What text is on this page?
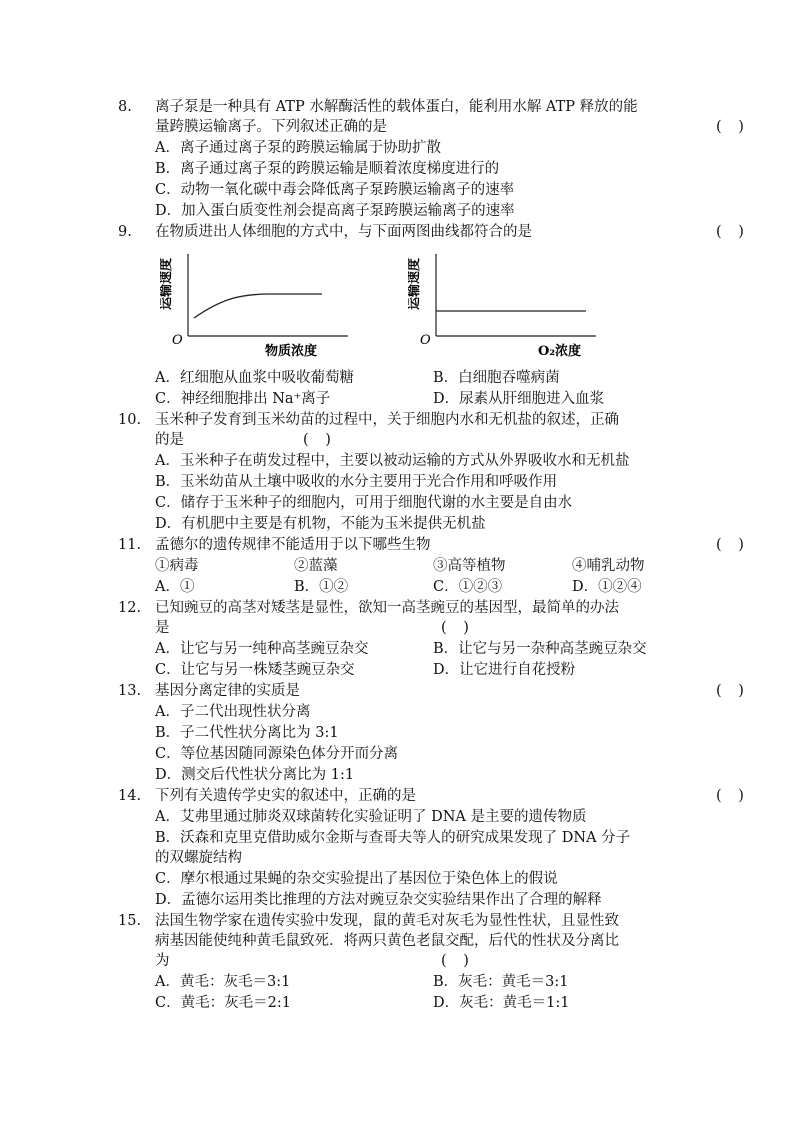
8.	离子泵是一种具有 ATP 水解酶活性的载体蛋白，能利用水解 ATP 释放的能
量跨膜运输离子。下列叙述正确的是	( )
A．离子通过离子泵的跨膜运输属于协助扩散
B．离子通过离子泵的跨膜运输是顺着浓度梯度进行的
C．动物一氧化碳中毒会降低离子泵跨膜运输离子的速率
D．加入蛋白质变性剂会提高离子泵跨膜运输离子的速率
9.	在物质进出人体细胞的方式中，与下面两图曲线都符合的是	( )
O
运输速度
物质浓度
O
运输速度
O₂浓度
A．红细胞从血浆中吸收葡萄糖	B．白细胞吞噬病菌
C．神经细胞排出 Na⁺离子	D．尿素从肝细胞进入血浆
10. 玉米种子发育到玉米幼苗的过程中，关于细胞内水和无机盐的叙述，正确
的是	( )
A．玉米种子在萌发过程中，主要以被动运输的方式从外界吸收水和无机盐
B．玉米幼苗从土壤中吸收的水分主要用于光合作用和呼吸作用
C．储存于玉米种子的细胞内，可用于细胞代谢的水主要是自由水
D．有机肥中主要是有机物，不能为玉米提供无机盐
11. 孟德尔的遗传规律不能适用于以下哪些生物	( )
①病毒	②蓝藻	③高等植物	④哺乳动物
A．①	B．①②	C．①②③	D．①②④
12. 已知豌豆的高茎对矮茎是显性，欲知一高茎豌豆的基因型，最简单的办法
是	( )
A．让它与另一纯种高茎豌豆杂交	B．让它与另一杂种高茎豌豆杂交
C．让它与另一株矮茎豌豆杂交	D．让它进行自花授粉
13. 基因分离定律的实质是	( )
A．子二代出现性状分离
B．子二代性状分离比为 3:1
C．等位基因随同源染色体分开而分离
D．测交后代性状分离比为 1:1
14. 下列有关遗传学史实的叙述中，正确的是	( )
A．艾弗里通过肺炎双球菌转化实验证明了 DNA 是主要的遗传物质
B．沃森和克里克借助威尔金斯与查哥夫等人的研究成果发现了 DNA 分子
的双螺旋结构
C．摩尔根通过果蝇的杂交实验提出了基因位于染色体上的假说
D．孟德尔运用类比推理的方法对豌豆杂交实验结果作出了合理的解释
15. 法国生物学家在遗传实验中发现，鼠的黄毛对灰毛为显性性状，且显性致
病基因能使纯种黄毛鼠致死．将两只黄色老鼠交配，后代的性状及分离比
为	( )
A．黄毛：灰毛＝3:1	B．灰毛：黄毛＝3:1
C．黄毛：灰毛＝2:1	D．灰毛：黄毛＝1:1
